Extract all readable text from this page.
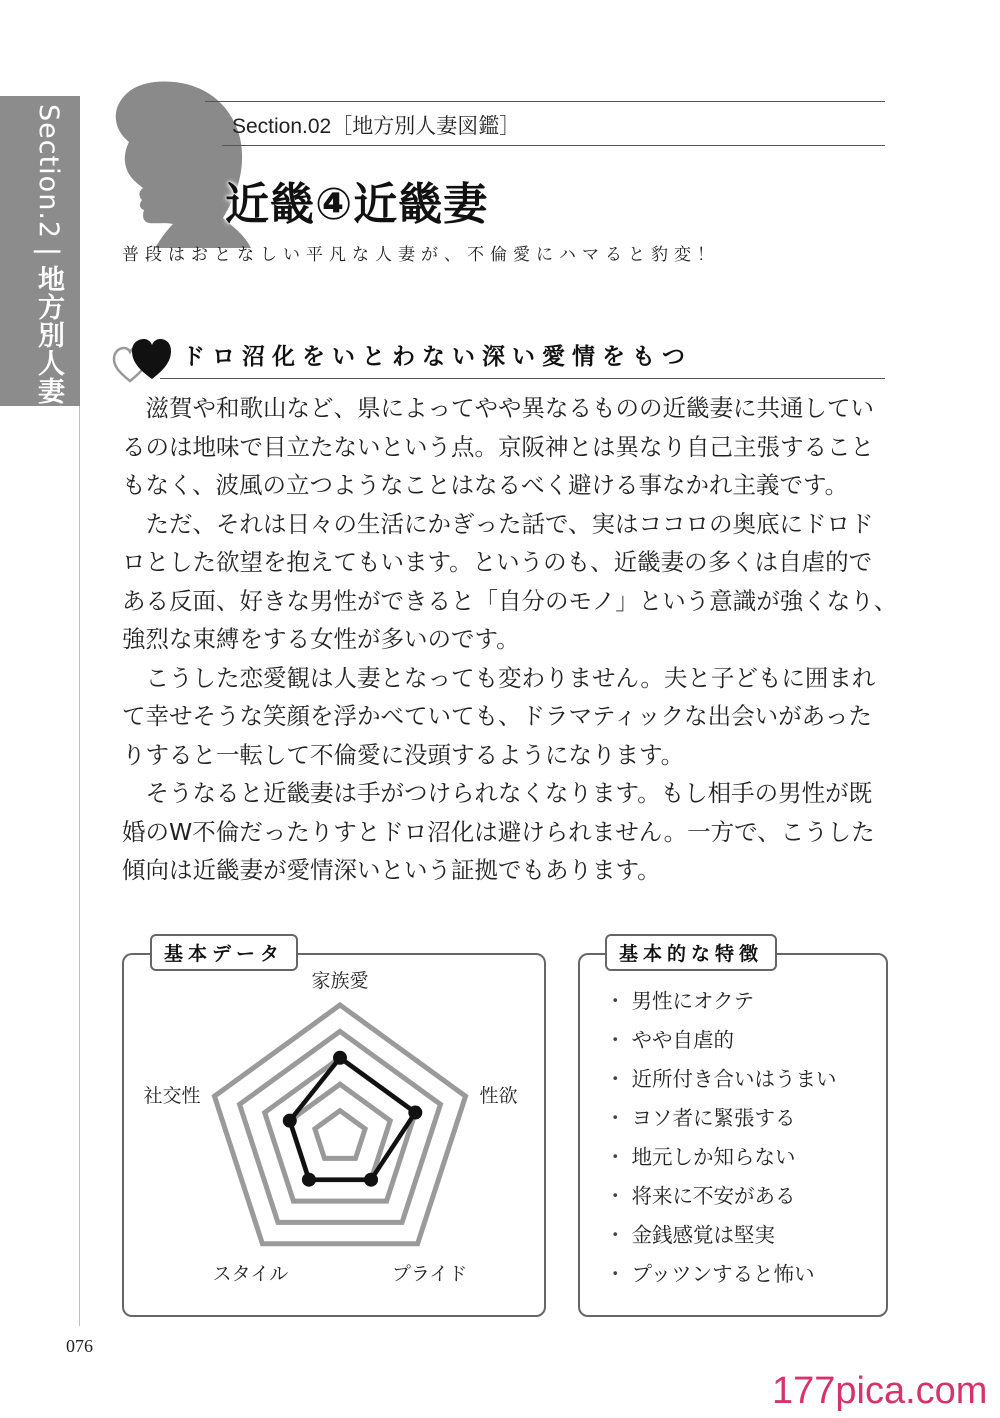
Section.2|地方別人妻図鑑
Section.02［地方別人妻図鑑］
近畿④近畿妻
普段はおとなしい平凡な人妻が、不倫愛にハマると豹変！
ドロ沼化をいとわない深い愛情をもつ
　滋賀や和歌山など、県によってやや異なるものの近畿妻に共通してい
るのは地味で目立たないという点。京阪神とは異なり自己主張すること
もなく、波風の立つようなことはなるべく避ける事なかれ主義です。
　ただ、それは日々の生活にかぎった話で、実はココロの奥底にドロド
ロとした欲望を抱えてもいます。というのも、近畿妻の多くは自虐的で
ある反面、好きな男性ができると「自分のモノ」という意識が強くなり、
強烈な束縛をする女性が多いのです。
　こうした恋愛観は人妻となっても変わりません。夫と子どもに囲まれ
て幸せそうな笑顔を浮かべていても、ドラマティックな出会いがあった
りすると一転して不倫愛に没頭するようになります。
　そうなると近畿妻は手がつけられなくなります。もし相手の男性が既
婚のW不倫だったりすとドロ沼化は避けられません。一方で、こうした
傾向は近畿妻が愛情深いという証拠でもあります。
基本データ
家族愛
性欲
プライド
スタイル
社交性
基本的な特徴
・ 男性にオクテ
・ やや自虐的
・ 近所付き合いはうまい
・ ヨソ者に緊張する
・ 地元しか知らない
・ 将来に不安がある
・ 金銭感覚は堅実
・ プッツンすると怖い
076
177pica.com
